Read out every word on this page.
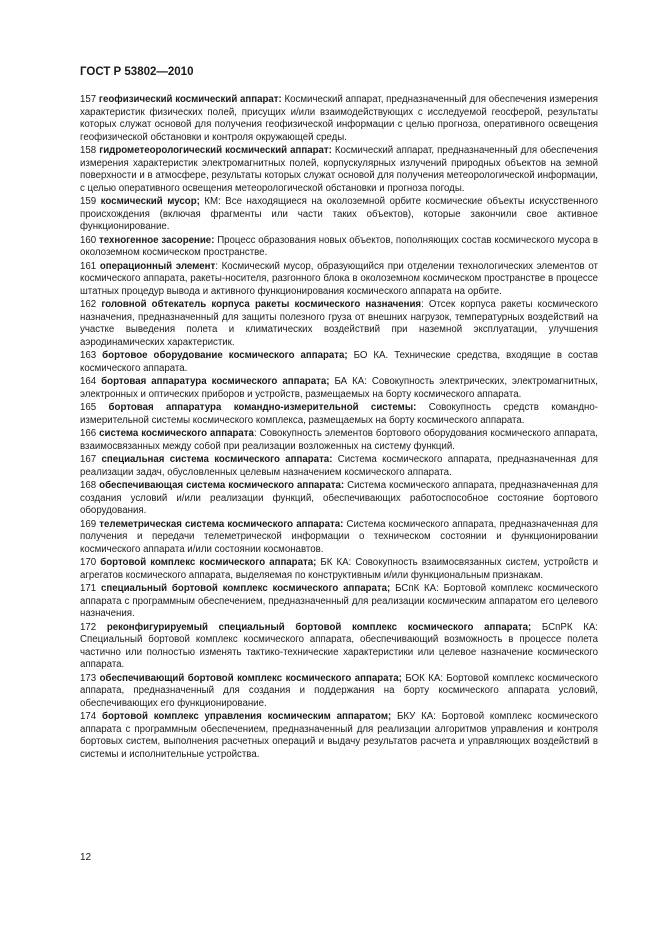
ГОСТ Р 53802—2010

157 геофизический космический аппарат: Космический аппарат, предназначенный для обеспечения измерения характеристик физических полей, присущих и/или взаимодействующих с исследуемой геосферой, результаты которых служат основой для получения геофизической информации с целью прогноза, оперативного освещения геофизической обстановки и контроля окружающей среды.

158 гидрометеорологический космический аппарат: Космический аппарат, предназначенный для обеспечения измерения характеристик электромагнитных полей, корпускулярных излучений природных объектов на земной поверхности и в атмосфере, результаты которых служат основой для получения метеорологической информации, с целью оперативного освещения метеорологической обстановки и прогноза погоды.

159 космический мусор; КМ: Все находящиеся на околоземной орбите космические объекты искусственного происхождения (включая фрагменты или части таких объектов), которые закончили свое активное функционирование.

160 техногенное засорение: Процесс образования новых объектов, пополняющих состав космического мусора в околоземном космическом пространстве.

161 операционный элемент: Космический мусор, образующийся при отделении технологических элементов от космического аппарата, ракеты-носителя, разгонного блока в околоземном космическом пространстве в процессе штатных процедур вывода и активного функционирования космического аппарата на орбите.

162 головной обтекатель корпуса ракеты космического назначения: Отсек корпуса ракеты космического назначения, предназначенный для защиты полезного груза от внешних нагрузок, температурных воздействий на участке выведения полета и климатических воздействий при наземной эксплуатации, улучшения аэродинамических характеристик.

163 бортовое оборудование космического аппарата; БО КА. Технические средства, входящие в состав космического аппарата.

164 бортовая аппаратура космического аппарата; БА КА: Совокупность электрических, электромагнитных, электронных и оптических приборов и устройств, размещаемых на борту космического аппарата.

165 бортовая аппаратура командно-измерительной системы: Совокупность средств командно-измерительной системы космического комплекса, размещаемых на борту космического аппарата.

166 система космического аппарата: Совокупность элементов бортового оборудования космического аппарата, взаимосвязанных между собой при реализации возложенных на систему функций.

167 специальная система космического аппарата: Система космического аппарата, предназначенная для реализации задач, обусловленных целевым назначением космического аппарата.

168 обеспечивающая система космического аппарата: Система космического аппарата, предназначенная для создания условий и/или реализации функций, обеспечивающих работоспособное состояние бортового оборудования.

169 телеметрическая система космического аппарата: Система космического аппарата, предназначенная для получения и передачи телеметрической информации о техническом состоянии и функционировании космического аппарата и/или состоянии космонавтов.

170 бортовой комплекс космического аппарата; БК КА: Совокупность взаимосвязанных систем, устройств и агрегатов космического аппарата, выделяемая по конструктивным и/или функциональным признакам.

171 специальный бортовой комплекс космического аппарата; БСпК КА: Бортовой комплекс космического аппарата с программным обеспечением, предназначенный для реализации космическим аппаратом его целевого назначения.

172 реконфигурируемый специальный бортовой комплекс космического аппарата; БСпРК КА: Специальный бортовой комплекс космического аппарата, обеспечивающий возможность в процессе полета частично или полностью изменять тактико-технические характеристики или целевое назначение космического аппарата.

173 обеспечивающий бортовой комплекс космического аппарата; БОК КА: Бортовой комплекс космического аппарата, предназначенный для создания и поддержания на борту космического аппарата условий, обеспечивающих его функционирование.

174 бортовой комплекс управления космическим аппаратом; БКУ КА: Бортовой комплекс космического аппарата с программным обеспечением, предназначенный для реализации алгоритмов управления и контроля бортовых систем, выполнения расчетных операций и выдачу результатов расчета и управляющих воздействий в системы и исполнительные устройства.

12
